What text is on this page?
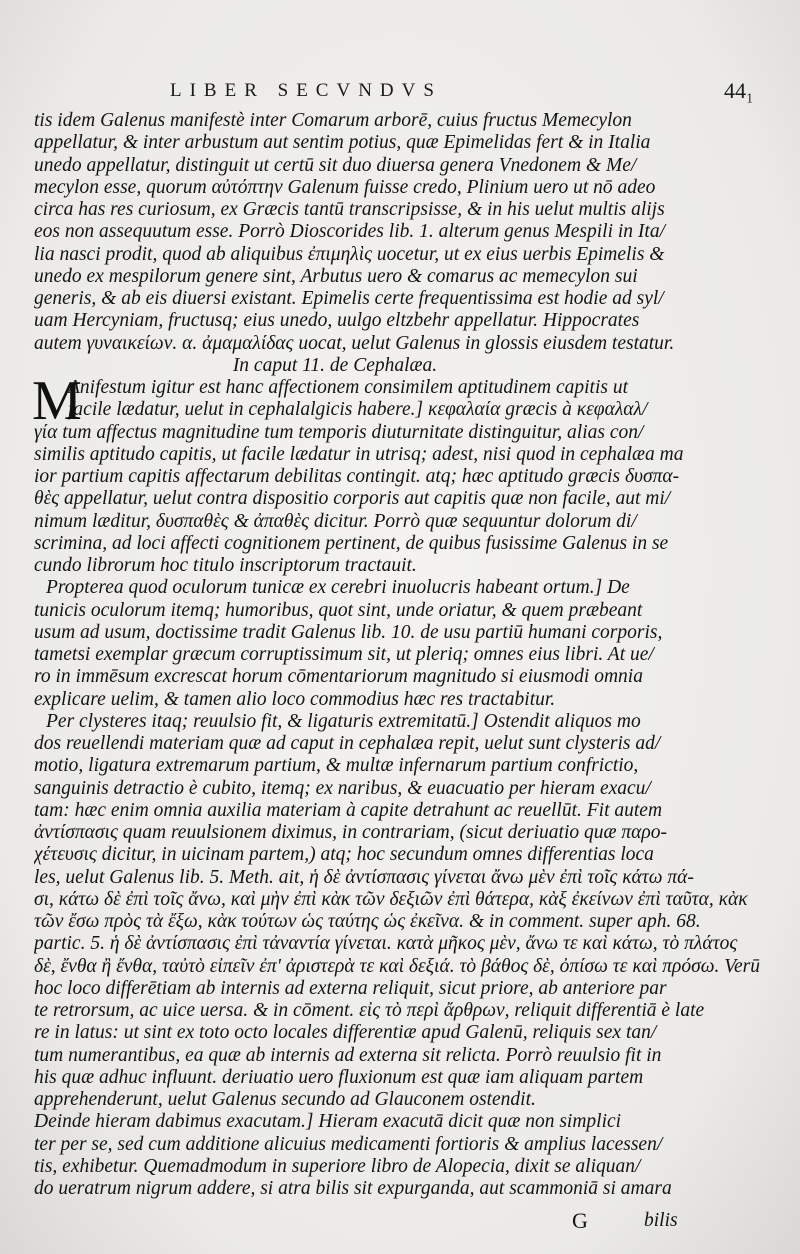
LIBER SECVNDVS	44₁
tis idem Galenus manifestè inter Comarum arborē, cuius fructus Memecylon
appellatur, & inter arbustum aut sentim potius, quæ Epimelidas fert & in Italia
unedo appellatur, distinguit ut certū sit duo diuersa genera Vnedonem & Me/
mecylon esse, quorum αὐτόπτην Galenum fuisse credo, Plinium uero ut nō adeo
circa has res curiosum, ex Græcis tantū transcripsisse, & in his uelut multis alijs
eos non assequutum esse. Porrò Dioscorides lib. 1. alterum genus Mespili in Ita/
lia nasci prodit, quod ab aliquibus ἐπιμηλὶς uocetur, ut ex eius uerbis Epimelis &
unedo ex mespilorum genere sint, Arbutus uero & comarus ac memecylon sui
generis, & ab eis diuersi existant. Epimelis certe frequentissima est hodie ad syl/
uam Hercyniam, fructusq; eius unedo, uulgo eltzbehr appellatur. Hippocrates
autem γυναικείων. α. ἀμαμαλίδας uocat, uelut Galenus in glossis eiusdem testatur.
In caput 11. de Cephalæa.
M
Anifestum igitur est hanc affectionem consimilem aptitudinem capitis ut
facile lædatur, uelut in cephalalgicis habere.] κεφαλαία græcis à κεφαλαλ/
γία tum affectus magnitudine tum temporis diuturnitate distinguitur, alias con/
similis aptitudo capitis, ut facile lædatur in utrisq; adest, nisi quod in cephalæa ma
ior partium capitis affectarum debilitas contingit. atq; hæc aptitudo græcis δυσπα-
θὲς appellatur, uelut contra dispositio corporis aut capitis quæ non facile, aut mi/
nimum læditur, δυσπαθὲς & ἀπαθὲς dicitur. Porrò quæ sequuntur dolorum di/
scrimina, ad loci affecti cognitionem pertinent, de quibus fusissime Galenus in se
cundo librorum hoc titulo inscriptorum tractauit.
Propterea quod oculorum tunicæ ex cerebri inuolucris habeant ortum.] De
tunicis oculorum itemq; humoribus, quot sint, unde oriatur, & quem præbeant
usum ad usum, doctissime tradit Galenus lib. 10. de usu partiū humani corporis,
tametsi exemplar græcum corruptissimum sit, ut pleriq; omnes eius libri. At ue/
ro in immēsum excrescat horum cōmentariorum magnitudo si eiusmodi omnia
explicare uelim, & tamen alio loco commodius hæc res tractabitur.
Per clysteres itaq; reuulsio fit, & ligaturis extremitatū.] Ostendit aliquos mo
dos reuellendi materiam quæ ad caput in cephalæa repit, uelut sunt clysteris ad/
motio, ligatura extremarum partium, & multæ infernarum partium confrictio,
sanguinis detractio è cubito, itemq; ex naribus, & euacuatio per hieram exacu/
tam: hæc enim omnia auxilia materiam à capite detrahunt ac reuellūt. Fit autem
ἀντίσπασις quam reuulsionem diximus, in contrariam, (sicut deriuatio quæ παρο-
χέτευσις dicitur, in uicinam partem,) atq; hoc secundum omnes differentias loca
les, uelut Galenus lib. 5. Meth. ait, ἡ δὲ ἀντίσπασις γίνεται ἄνω μὲν ἐπὶ τοῖς κάτω πά-
σι, κάτω δὲ ἐπὶ τοῖς ἄνω, καὶ μὴν ἐπὶ κὰκ τῶν δεξιῶν ἐπὶ θάτερα, κὰξ ἐκείνων ἐπὶ ταῦτα, κὰκ
τῶν ἔσω πρὸς τὰ ἔξω, κὰκ τούτων ὡς ταύτης ὡς ἐκεῖνα. & in comment. super aph. 68.
partic. 5. ἡ δὲ ἀντίσπασις ἐπὶ τἀναντία γίνεται. κατὰ μῆκος μὲν, ἄνω τε καὶ κάτω, τὸ πλάτος
δὲ, ἔνθα ἢ ἔνθα, ταὐτὸ εἰπεῖν ἐπ' ἀριστερὰ τε καὶ δεξιά. τὸ βάθος δὲ, ὀπίσω τε καὶ πρόσω. Verū
hoc loco differētiam ab internis ad externa reliquit, sicut priore, ab anteriore par
te retrorsum, ac uice uersa. & in cōment. εἰς τὸ περὶ ἄρθρων, reliquit differentiā è late
re in latus: ut sint ex toto octo locales differentiæ apud Galenū, reliquis sex tan/
tum numerantibus, ea quæ ab internis ad externa sit relicta. Porrò reuulsio fit in
his quæ adhuc influunt. deriuatio uero fluxionum est quæ iam aliquam partem
apprehenderunt, uelut Galenus secundo ad Glauconem ostendit.
Deinde hieram dabimus exacutam.] Hieram exacutā dicit quæ non simplici
ter per se, sed cum additione alicuius medicamenti fortioris & amplius lacessen/
tis, exhibetur. Quemadmodum in superiore libro de Alopecia, dixit se aliquan/
do ueratrum nigrum addere, si atra bilis sit expurganda, aut scammoniā si amara
G	bilis
